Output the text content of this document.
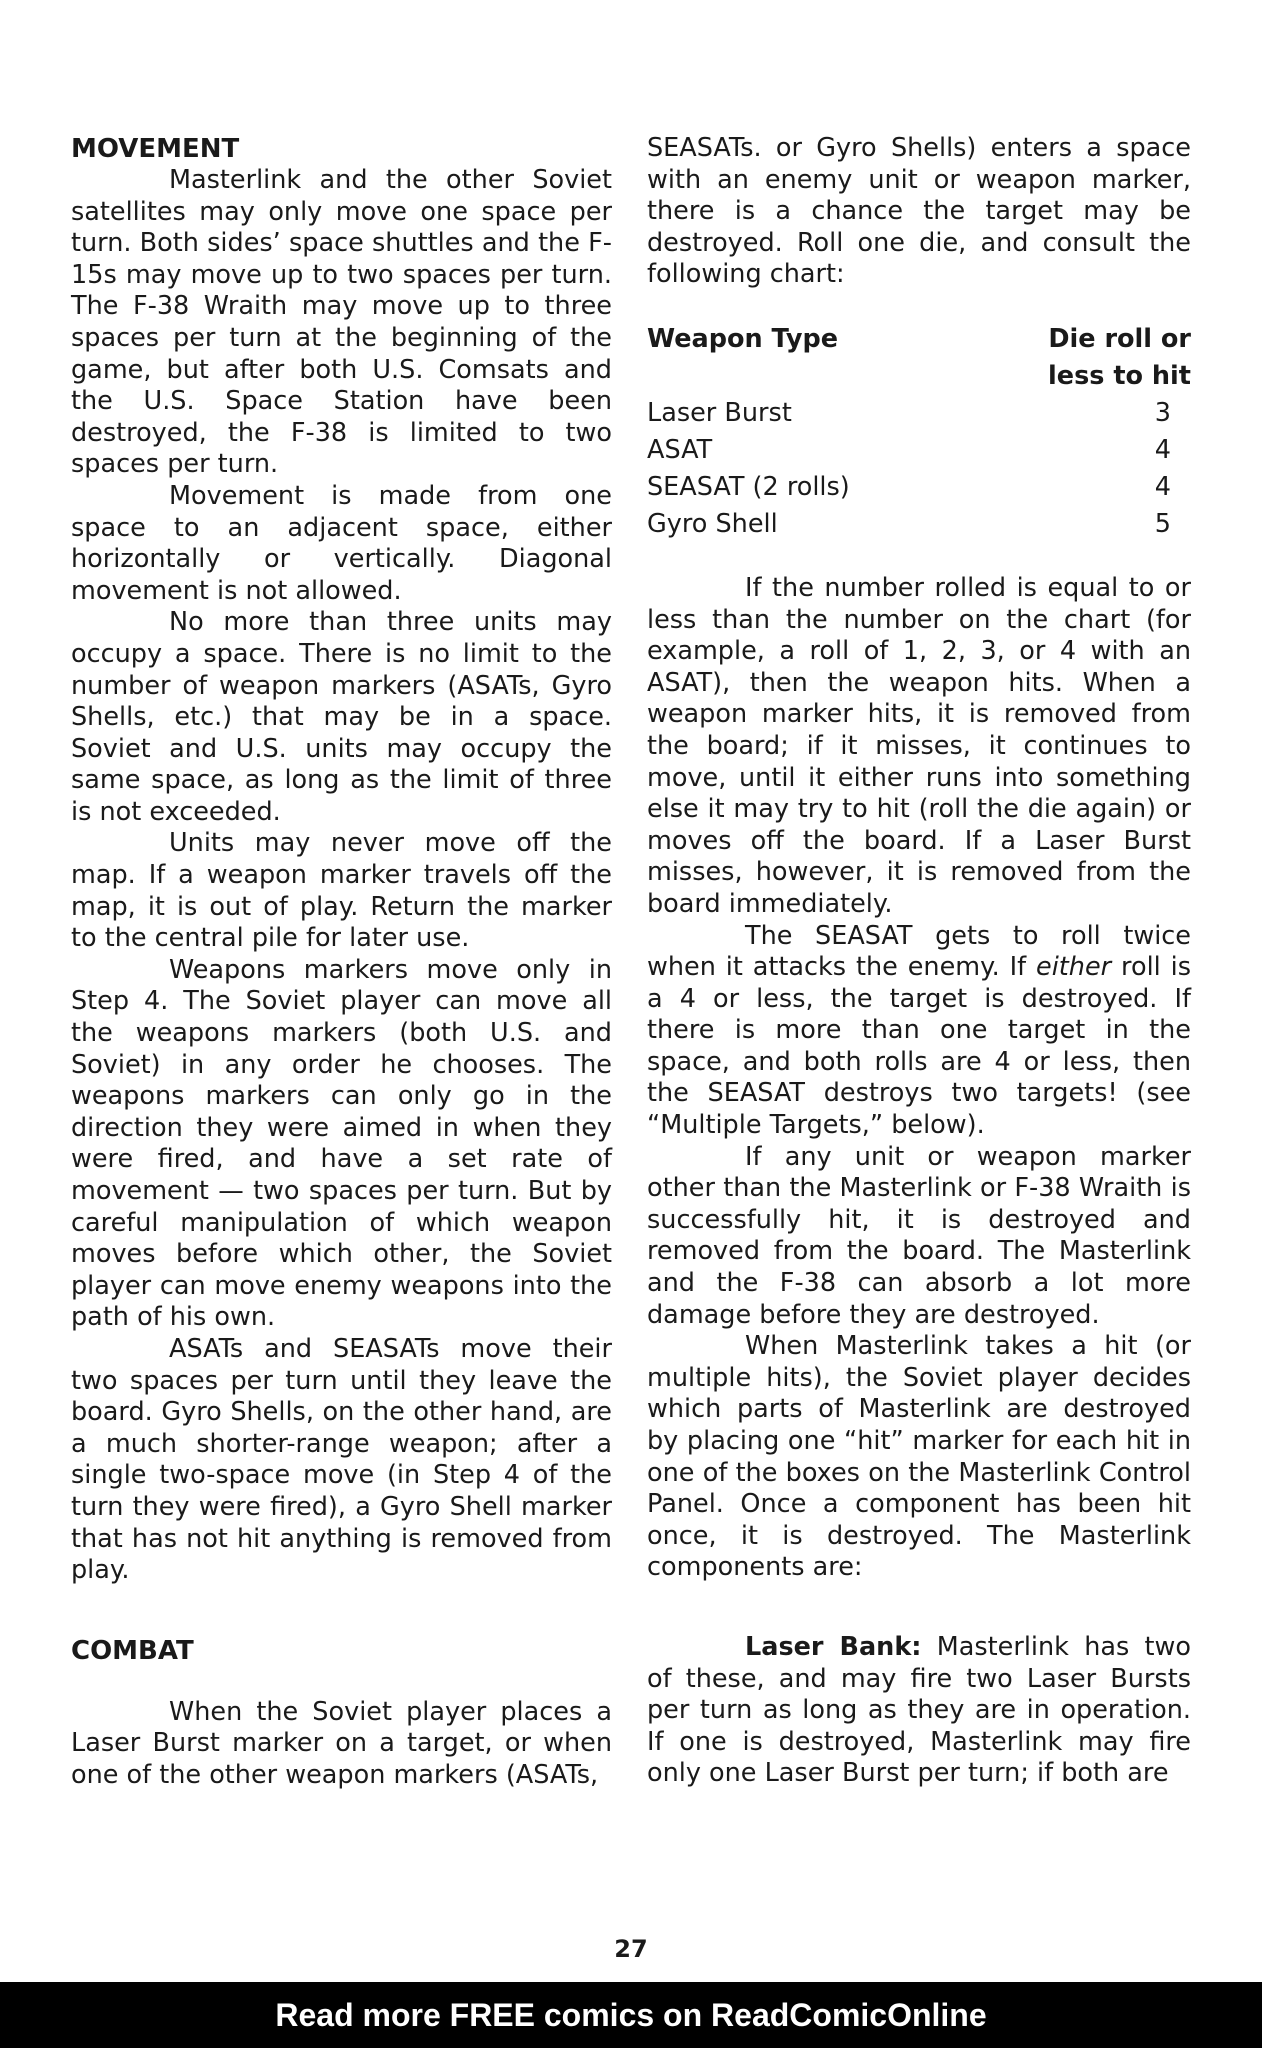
MOVEMENT

Masterlink and the other Soviet satellites may only move one space per turn. Both sides’ space shuttles and the F-15s may move up to two spaces per turn. The F-38 Wraith may move up to three spaces per turn at the beginning of the game, but after both U.S. Comsats and the U.S. Space Station have been destroyed, the F-38 is limited to two spaces per turn.

Movement is made from one space to an adjacent space, either horizontally or vertically. Diagonal movement is not allowed.

No more than three units may occupy a space. There is no limit to the number of weapon markers (ASATs, Gyro Shells, etc.) that may be in a space. Soviet and U.S. units may occupy the same space, as long as the limit of three is not exceeded.

Units may never move off the map. If a weapon marker travels off the map, it is out of play. Return the marker to the central pile for later use.

Weapons markers move only in Step 4. The Soviet player can move all the weapons markers (both U.S. and Soviet) in any order he chooses. The weapons markers can only go in the direction they were aimed in when they were fired, and have a set rate of movement — two spaces per turn. But by careful manipulation of which weapon moves before which other, the Soviet player can move enemy weapons into the path of his own.

ASATs and SEASATs move their two spaces per turn until they leave the board. Gyro Shells, on the other hand, are a much shorter-range weapon; after a single two-space move (in Step 4 of the turn they were fired), a Gyro Shell marker that has not hit anything is removed from play.

COMBAT

When the Soviet player places a Laser Burst marker on a target, or when one of the other weapon markers (ASATs,

SEASATs. or Gyro Shells) enters a space with an enemy unit or weapon marker, there is a chance the target may be destroyed. Roll one die, and consult the following chart:

Weapon Type	Die roll or less to hit
Laser Burst	3
ASAT	4
SEASAT (2 rolls)	4
Gyro Shell	5

If the number rolled is equal to or less than the number on the chart (for example, a roll of 1, 2, 3, or 4 with an ASAT), then the weapon hits. When a weapon marker hits, it is removed from the board; if it misses, it continues to move, until it either runs into something else it may try to hit (roll the die again) or moves off the board. If a Laser Burst misses, however, it is removed from the board immediately.

The SEASAT gets to roll twice when it attacks the enemy. If either roll is a 4 or less, the target is destroyed. If there is more than one target in the space, and both rolls are 4 or less, then the SEASAT destroys two targets! (see “Multiple Targets,” below).

If any unit or weapon marker other than the Masterlink or F-38 Wraith is successfully hit, it is destroyed and removed from the board. The Masterlink and the F-38 can absorb a lot more damage before they are destroyed.

When Masterlink takes a hit (or multiple hits), the Soviet player decides which parts of Masterlink are destroyed by placing one “hit” marker for each hit in one of the boxes on the Masterlink Control Panel. Once a component has been hit once, it is destroyed. The Masterlink components are:

Laser Bank: Masterlink has two of these, and may fire two Laser Bursts per turn as long as they are in operation. If one is destroyed, Masterlink may fire only one Laser Burst per turn; if both are

27
Read more FREE comics on ReadComicOnline
